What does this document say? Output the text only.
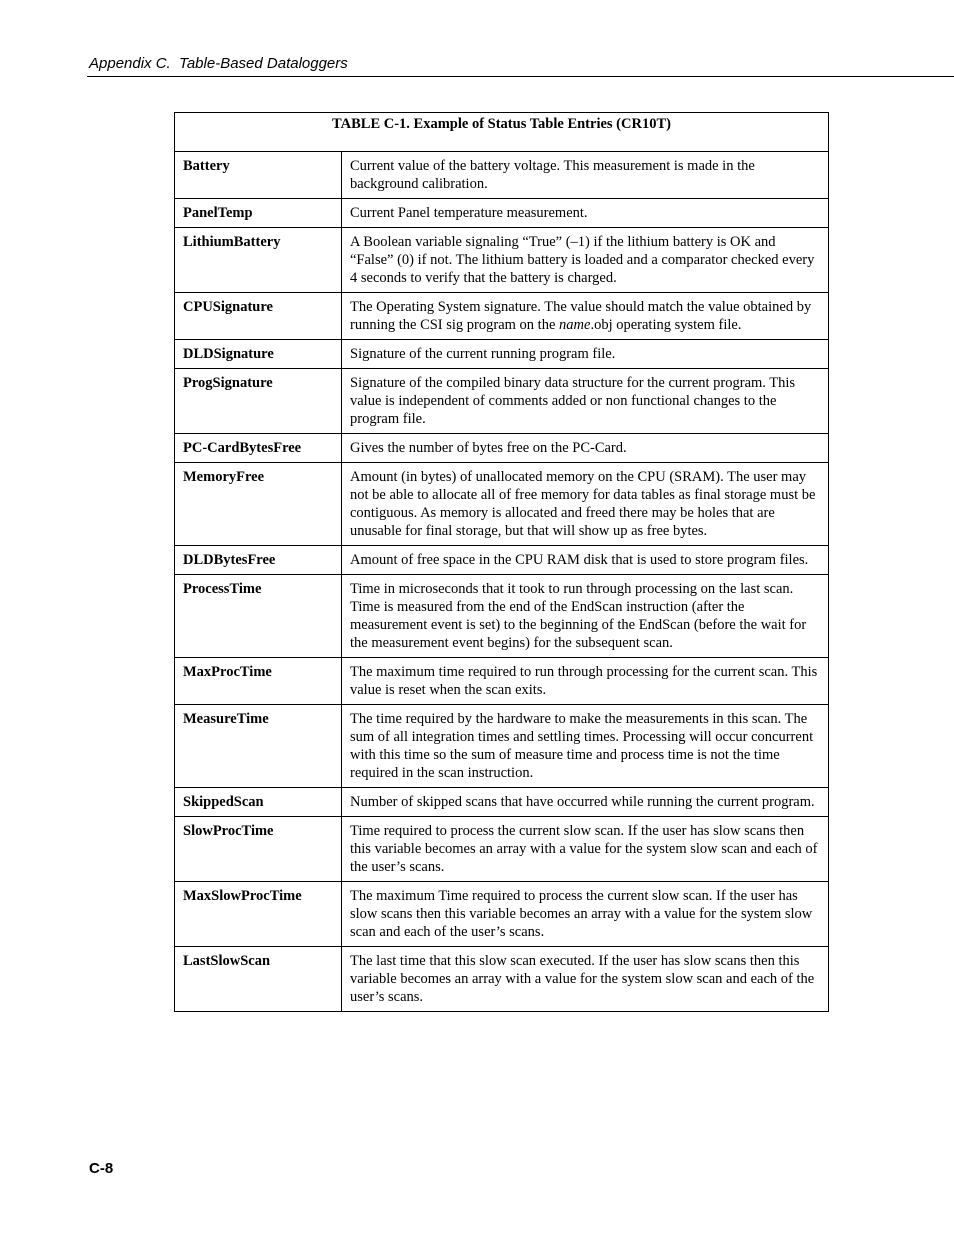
Appendix C.  Table-Based Dataloggers
TABLE C-1. Example of Status Table Entries (CR10T)	
Battery	Current value of the battery voltage. This measurement is made in the background calibration.
PanelTemp	Current Panel temperature measurement.
LithiumBattery	A Boolean variable signaling “True” (–1) if the lithium battery is OK and “False” (0) if not. The lithium battery is loaded and a comparator checked every 4 seconds to verify that the battery is charged.
CPUSignature	The Operating System signature. The value should match the value obtained by running the CSI sig program on the name.obj operating system file.
DLDSignature	Signature of the current running program file.
ProgSignature	Signature of the compiled binary data structure for the current program. This value is independent of comments added or non functional changes to the program file.
PC-CardBytesFree	Gives the number of bytes free on the PC-Card.
MemoryFree	Amount (in bytes) of unallocated memory on the CPU (SRAM). The user may not be able to allocate all of free memory for data tables as final storage must be contiguous. As memory is allocated and freed there may be holes that are unusable for final storage, but that will show up as free bytes.
DLDBytesFree	Amount of free space in the CPU RAM disk that is used to store program files.
ProcessTime	Time in microseconds that it took to run through processing on the last scan. Time is measured from the end of the EndScan instruction (after the measurement event is set) to the beginning of the EndScan (before the wait for the measurement event begins) for the subsequent scan.
MaxProcTime	The maximum time required to run through processing for the current scan. This value is reset when the scan exits.
MeasureTime	The time required by the hardware to make the measurements in this scan. The sum of all integration times and settling times. Processing will occur concurrent with this time so the sum of measure time and process time is not the time required in the scan instruction.
SkippedScan	Number of skipped scans that have occurred while running the current program.
SlowProcTime	Time required to process the current slow scan. If the user has slow scans then this variable becomes an array with a value for the system slow scan and each of the user’s scans.
MaxSlowProcTime	The maximum Time required to process the current slow scan. If the user has slow scans then this variable becomes an array with a value for the system slow scan and each of the user’s scans.
LastSlowScan	The last time that this slow scan executed. If the user has slow scans then this variable becomes an array with a value for the system slow scan and each of the user’s scans.
C-8
